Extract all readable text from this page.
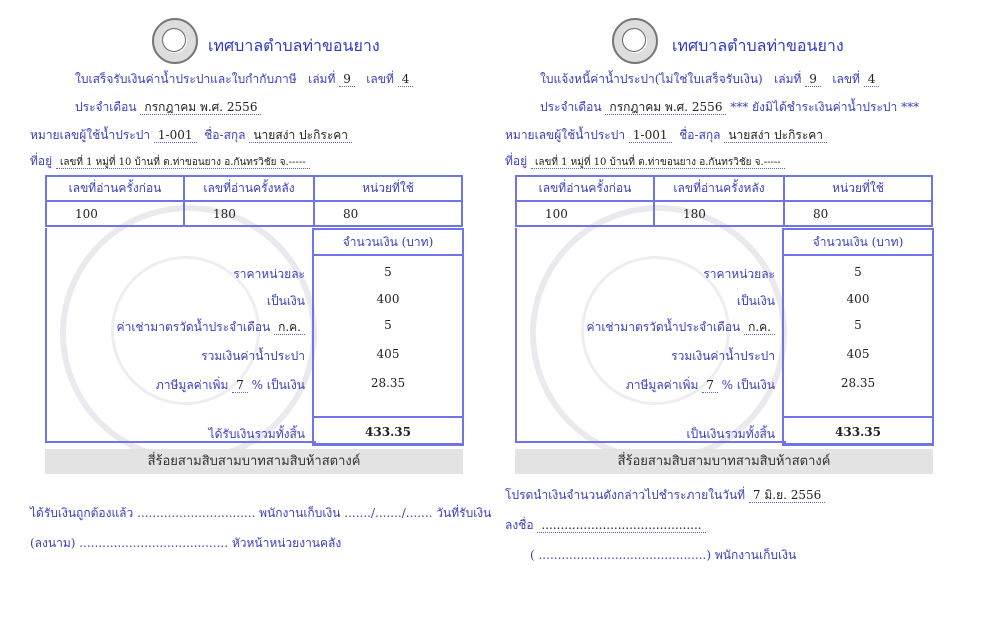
เทศบาลตำบลท่าขอนยาง
ใบเสร็จรับเงินค่าน้ำประปาและใบกำกับภาษี เล่มที่ 9 เลขที่ 4
ประจำเดือน กรกฎาคม พ.ศ. 2556
หมายเลขผู้ใช้น้ำประปา 1-001 ชื่อ-สกุล นายสง่า ปะกิระคา
ที่อยู่ เลขที่ 1 หมู่ที่ 10 บ้านที่ ต.ท่าขอนยาง อ.กันทรวิชัย จ.-----
เลขที่อ่านครั้งก่อน	เลขที่อ่านครั้งหลัง	หน่วยที่ใช้
100	180	80
จำนวนเงิน (บาท)
ราคาหน่วยละ	5
เป็นเงิน	400
ค่าเช่ามาตรวัดน้ำประจำเดือน ก.ค.	5
รวมเงินค่าน้ำประปา	405
ภาษีมูลค่าเพิ่ม 7 % เป็นเงิน	28.35
ได้รับเงินรวมทั้งสิ้น	433.35
สี่ร้อยสามสิบสามบาทสามสิบห้าสตางค์
ได้รับเงินถูกต้องแล้ว ............................... พนักงานเก็บเงิน ......./......./....... วันที่รับเงิน
(ลงนาม) ....................................... หัวหน้าหน่วยงานคลัง
เทศบาลตำบลท่าขอนยาง
ใบแจ้งหนี้ค่าน้ำประปา(ไม่ใช่ใบเสร็จรับเงิน) เล่มที่ 9 เลขที่ 4
ประจำเดือน กรกฎาคม พ.ศ. 2556 *** ยังมิได้ชำระเงินค่าน้ำประปา ***
หมายเลขผู้ใช้น้ำประปา 1-001 ชื่อ-สกุล นายสง่า ปะกิระคา
ที่อยู่ เลขที่ 1 หมู่ที่ 10 บ้านที่ ต.ท่าขอนยาง อ.กันทรวิชัย จ.-----
เลขที่อ่านครั้งก่อน	เลขที่อ่านครั้งหลัง	หน่วยที่ใช้
100	180	80
จำนวนเงิน (บาท)
ราคาหน่วยละ	5
เป็นเงิน	400
ค่าเช่ามาตรวัดน้ำประจำเดือน ก.ค.	5
รวมเงินค่าน้ำประปา	405
ภาษีมูลค่าเพิ่ม 7 % เป็นเงิน	28.35
เป็นเงินรวมทั้งสิ้น	433.35
สี่ร้อยสามสิบสามบาทสามสิบห้าสตางค์
โปรดนำเงินจำนวนดังกล่าวไปชำระภายในวันที่ 7 มิ.ย. 2556
ลงชื่อ ..........................................
( ............................................) พนักงานเก็บเงิน
